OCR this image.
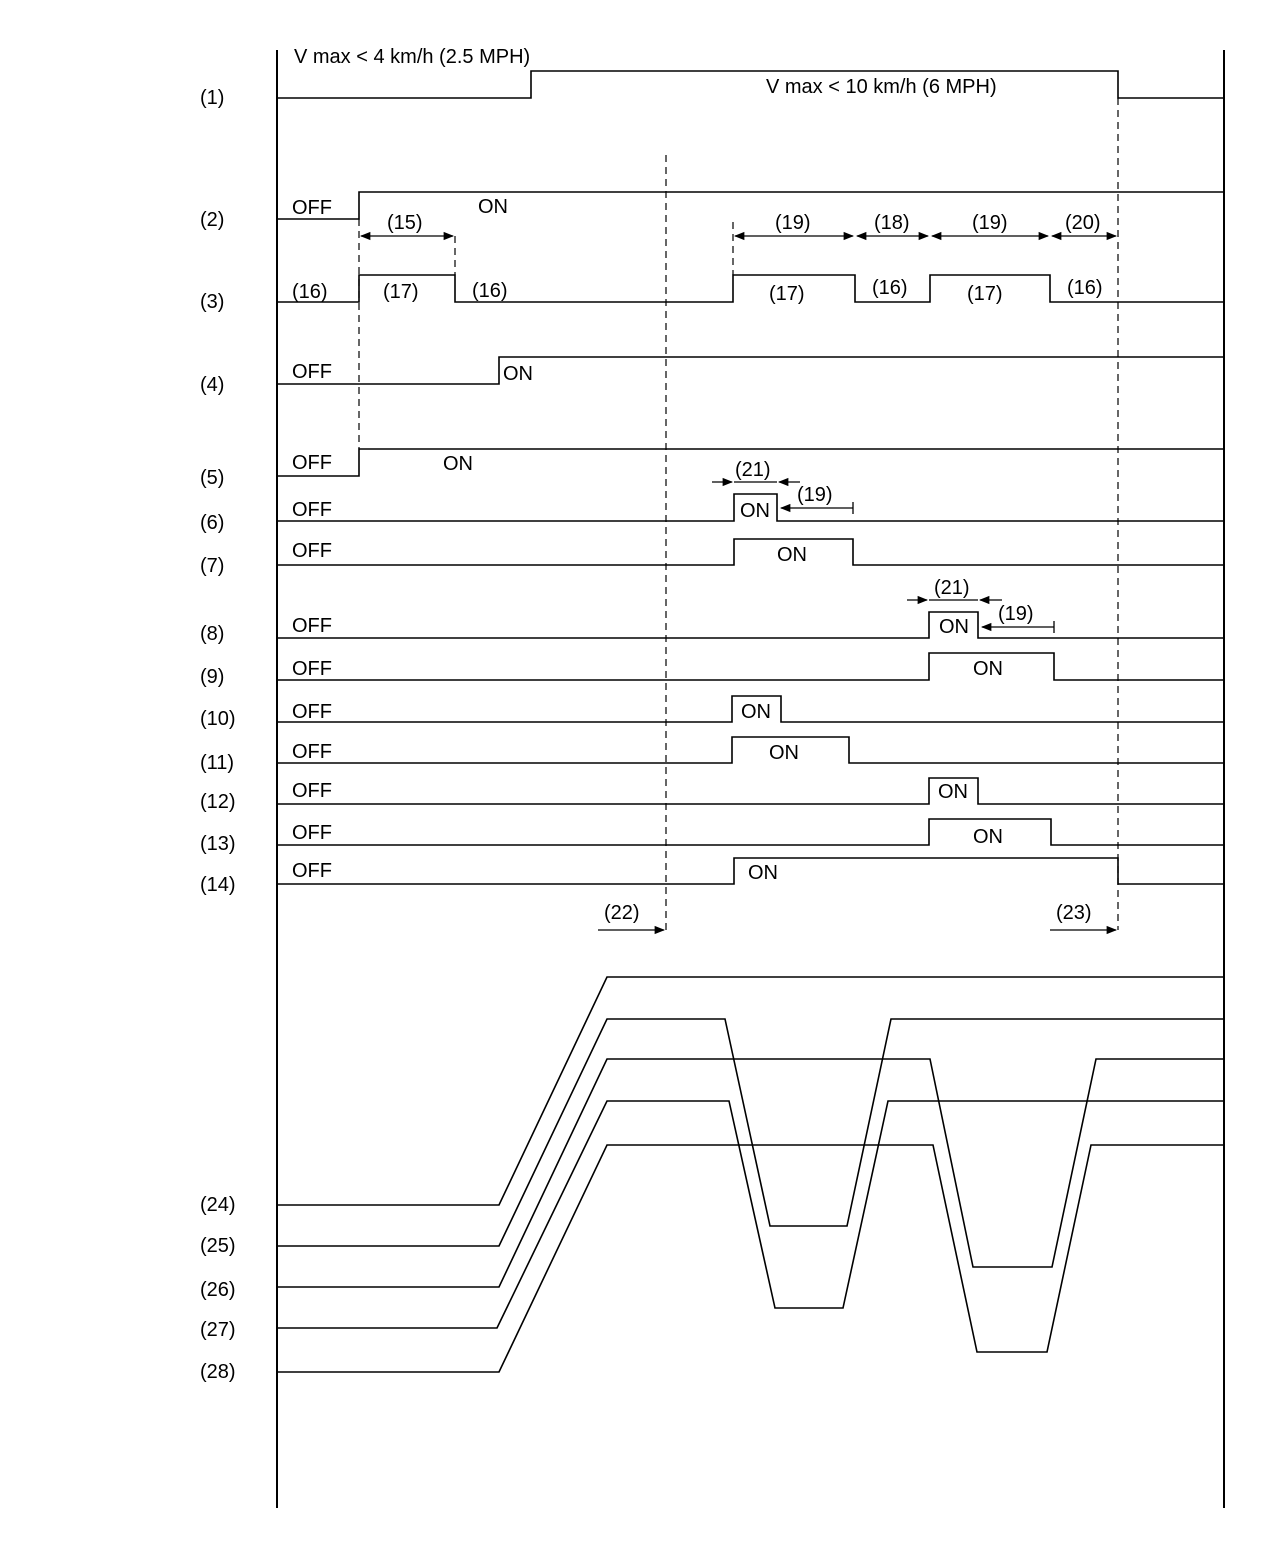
(1)
(2)
(3)
(4)
(5)
(6)
(7)
(8)
(9)
(10)
(11)
(12)
(13)
(14)
(24)
(25)
(26)
(27)
(28)
V max < 4 km/h (2.5 MPH)
V max < 10 km/h (6 MPH)
OFF	ON
(16)	(17)	(16)	(17)	(16)	(17)	(16)
(15)	(19)	(18)	(19)	(20)
OFF	ON
OFF	ON
OFF	ON
(21)
(19)
OFF	ON
OFF	ON
(21)
(19)
OFF	ON
OFF	ON
OFF	ON
OFF	ON
OFF	ON
OFF	ON
(22)	(23)
